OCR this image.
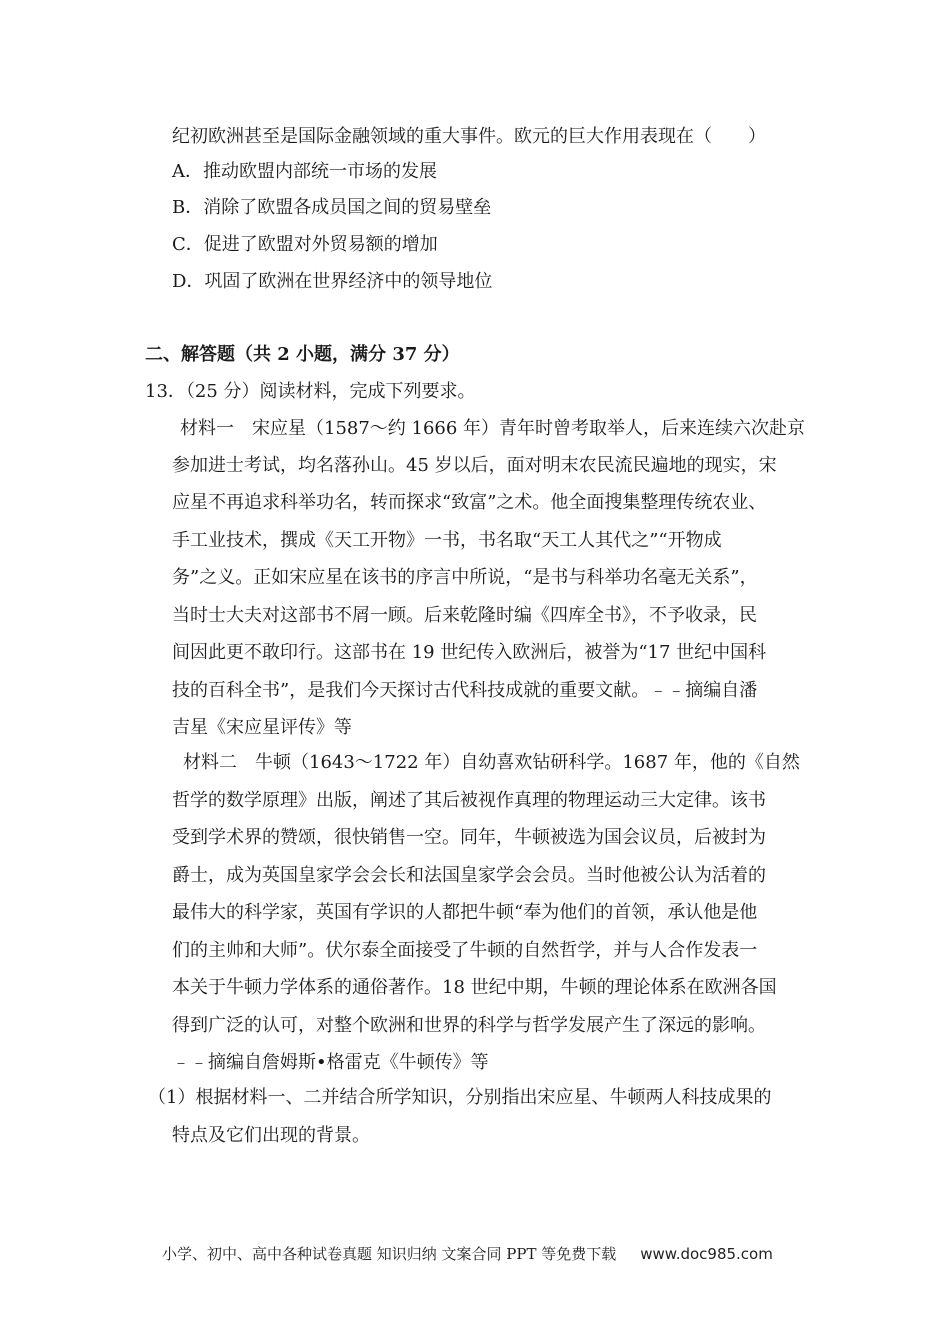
纪初欧洲甚至是国际金融领域的重大事件。欧元的巨大作用表现在（　　）
A．推动欧盟内部统一市场的发展
B．消除了欧盟各成员国之间的贸易壁垒
C．促进了欧盟对外贸易额的增加
D．巩固了欧洲在世界经济中的领导地位
二、解答题（共 2 小题，满分 37 分）
13．（25 分）阅读材料，完成下列要求。
材料一　宋应星（1587～约 1666 年）青年时曾考取举人，后来连续六次赴京
参加进士考试，均名落孙山。45 岁以后，面对明末农民流民遍地的现实，宋
应星不再追求科举功名，转而探求“致富”之术。他全面搜集整理传统农业、
手工业技术，撰成《天工开物》一书，书名取“天工人其代之”“开物成
务”之义。正如宋应星在该书的序言中所说，“是书与科举功名毫无关系”，
当时士大夫对这部书不屑一顾。后来乾隆时编《四库全书》，不予收录，民
间因此更不敢印行。这部书在 19 世纪传入欧洲后，被誉为“17 世纪中国科
技的百科全书”，是我们今天探讨古代科技成就的重要文献。﹣﹣摘编自潘
吉星《宋应星评传》等
材料二　牛顿（1643～1722 年）自幼喜欢钻研科学。1687 年，他的《自然
哲学的数学原理》出版，阐述了其后被视作真理的物理运动三大定律。该书
受到学术界的赞颂，很快销售一空。同年，牛顿被选为国会议员，后被封为
爵士，成为英国皇家学会会长和法国皇家学会会员。当时他被公认为活着的
最伟大的科学家，英国有学识的人都把牛顿“奉为他们的首领，承认他是他
们的主帅和大师”。伏尔泰全面接受了牛顿的自然哲学，并与人合作发表一
本关于牛顿力学体系的通俗著作。18 世纪中期，牛顿的理论体系在欧洲各国
得到广泛的认可，对整个欧洲和世界的科学与哲学发展产生了深远的影响。
﹣﹣摘编自詹姆斯•格雷克《牛顿传》等
（1）根据材料一、二并结合所学知识，分别指出宋应星、牛顿两人科技成果的
特点及它们出现的背景。
小学、初中、高中各种试卷真题 知识归纳 文案合同 PPT 等免费下载 www.doc985.com
